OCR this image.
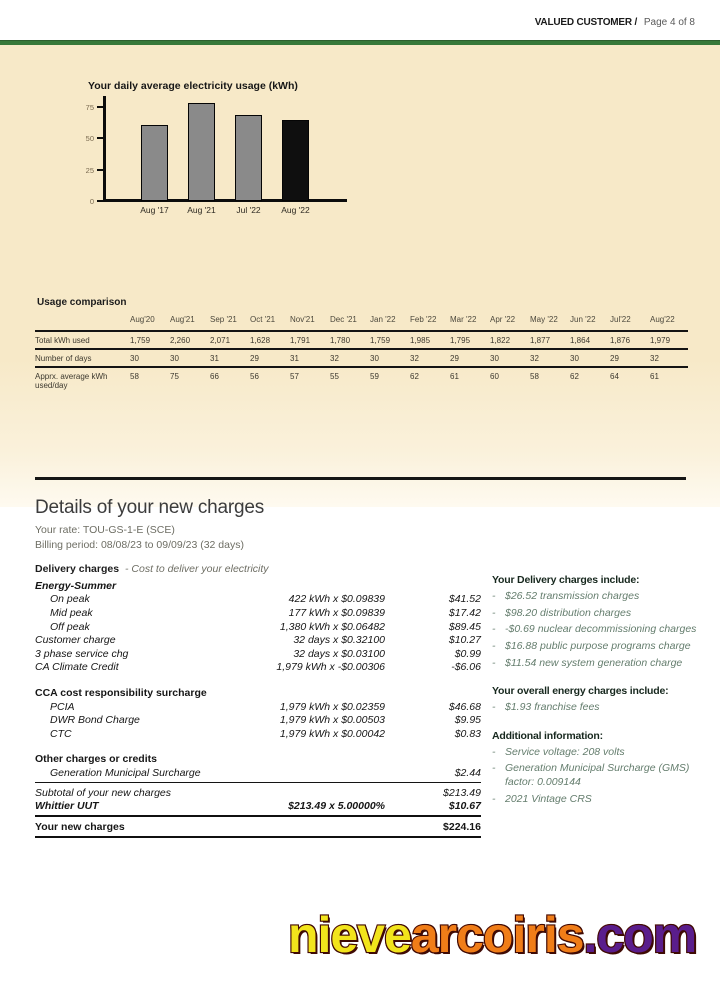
VALUED CUSTOMER / Page 4 of 8
Your daily average electricity usage (kWh)
0
25
50
75
Aug '17	Aug '21	Jul '22	Aug '22
Usage comparison
Aug'20	Aug'21	Sep '21	Oct '21	Nov'21	Dec '21	Jan '22	Feb '22	Mar '22	Apr '22	May '22	Jun '22	Jul'22	Aug'22
Total kWh used	1,759	2,260	2,071	1,628	1,791	1,780	1,759	1,985	1,795	1,822	1,877	1,864	1,876	1,979
Number of days	30	30	31	29	31	32	30	32	29	30	32	30	29	32
Apprx. average kWh used/day
58	75	66	56	57	55	59	62	61	60	58	62	64	61
Details of your new charges
Your rate: TOU-GS-1-E (SCE)
Billing period: 08/08/23 to 09/09/23 (32 days)
Delivery charges - Cost to deliver your electricity
Energy-Summer
On peak	422 kWh x $0.09839	$41.52
Mid peak	177 kWh x $0.09839	$17.42
Off peak	1,380 kWh x $0.06482	$89.45
Customer charge	32 days x $0.32100	$10.27
3 phase service chg	32 days x $0.03100	$0.99
CA Climate Credit	1,979 kWh x -$0.00306	-$6.06
CCA cost responsibility surcharge
PCIA	1,979 kWh x $0.02359	$46.68
DWR Bond Charge	1,979 kWh x $0.00503	$9.95
CTC	1,979 kWh x $0.00042	$0.83
Other charges or credits
Generation Municipal Surcharge	$2.44
Subtotal of your new charges	$213.49
Whittier UUT	$213.49 x 5.00000%	$10.67
Your new charges	$224.16
Your Delivery charges include:
- $26.52 transmission charges
- $98.20 distribution charges
- -$0.69 nuclear decommissioning charges
- $16.88 public purpose programs charge
- $11.54 new system generation charge
Your overall energy charges include:
- $1.93 franchise fees
Additional information:
- Service voltage: 208 volts
- Generation Municipal Surcharge (GMS) factor: 0.009144
- 2021 Vintage CRS
nievearcoiris.com
